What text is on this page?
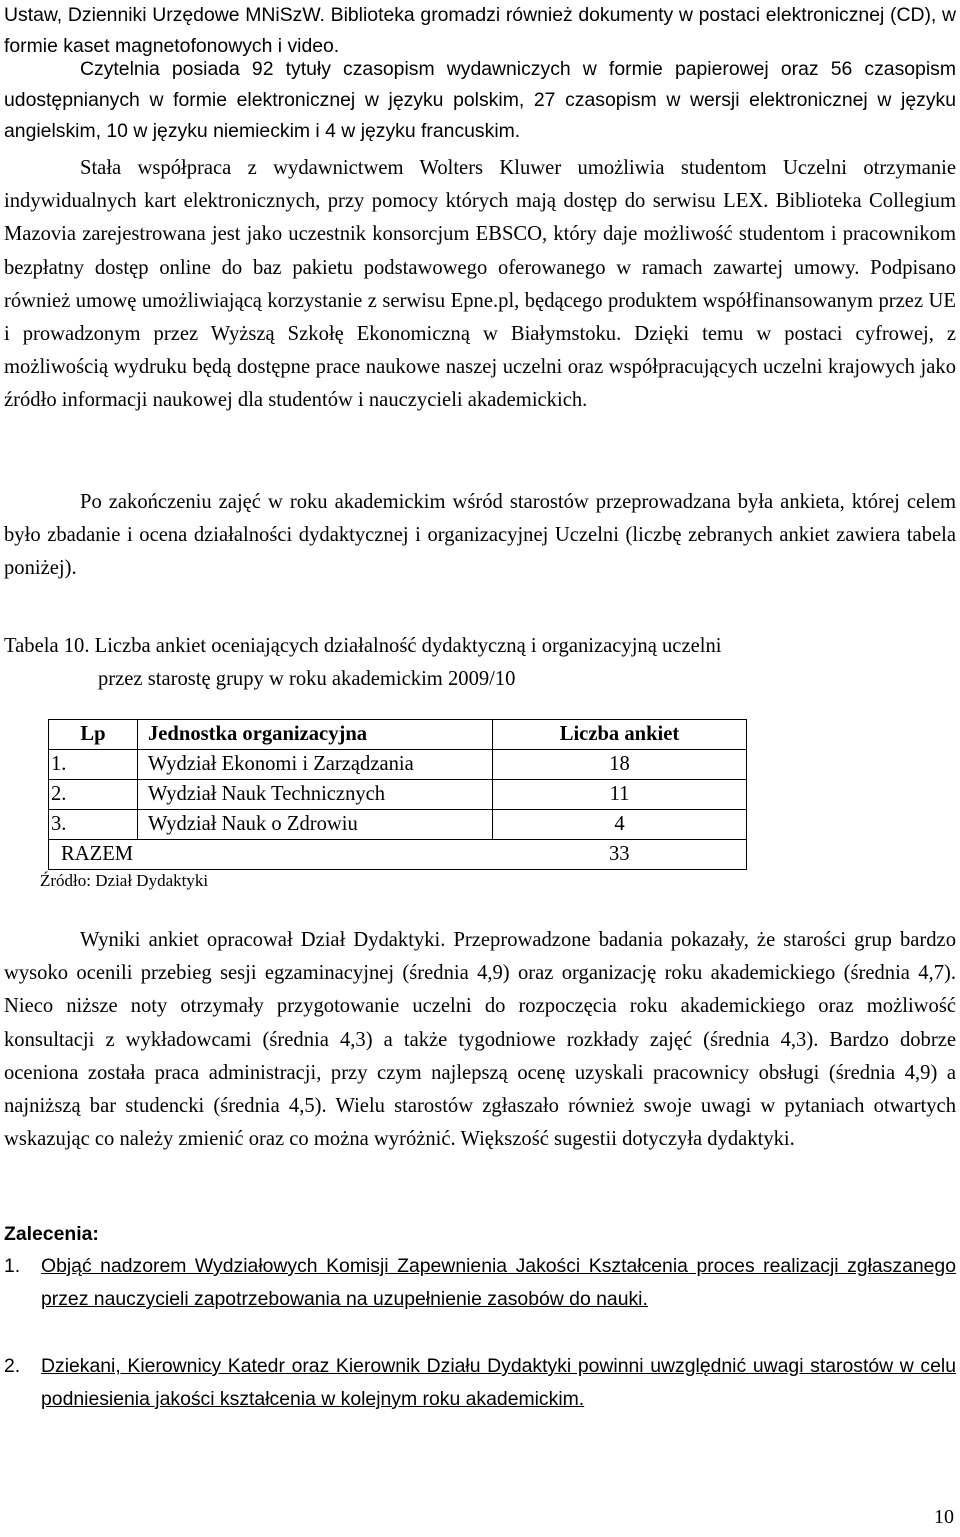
Ustaw, Dzienniki Urzędowe MNiSzW. Biblioteka gromadzi również dokumenty w postaci elektronicznej (CD), w formie kaset magnetofonowych i video.

Czytelnia posiada 92 tytuły czasopism wydawniczych w formie papierowej oraz 56 czasopism udostępnianych w formie elektronicznej w języku polskim, 27 czasopism w wersji elektronicznej w języku angielskim, 10 w języku niemieckim i 4 w języku francuskim.

Stała współpraca z wydawnictwem Wolters Kluwer umożliwia studentom Uczelni otrzymanie indywidualnych kart elektronicznych, przy pomocy których mają dostęp do serwisu LEX. Biblioteka Collegium Mazovia zarejestrowana jest jako uczestnik konsorcjum EBSCO, który daje możliwość studentom i pracownikom bezpłatny dostęp online do baz pakietu podstawowego oferowanego w ramach zawartej umowy. Podpisano również umowę umożliwiającą korzystanie z serwisu Epne.pl, będącego produktem współfinansowanym przez UE i prowadzonym przez Wyższą Szkołę Ekonomiczną w Białymstoku. Dzięki temu w postaci cyfrowej, z możliwością wydruku będą dostępne prace naukowe naszej uczelni oraz współpracujących uczelni krajowych jako źródło informacji naukowej dla studentów i nauczycieli akademickich.

Po zakończeniu zajęć w roku akademickim wśród starostów przeprowadzana była ankieta, której celem było zbadanie i ocena działalności dydaktycznej i organizacyjnej Uczelni (liczbę zebranych ankiet zawiera tabela poniżej).

Tabela 10. Liczba ankiet oceniających działalność dydaktyczną i organizacyjną uczelni
przez starostę grupy w roku akademickim 2009/10
Lp	Jednostka organizacyjna	Liczba ankiet
1.	Wydział Ekonomi i Zarządzania	18
2.	Wydział Nauk Technicznych	11
3.	Wydział Nauk o Zdrowiu	4
RAZEM		33
Źródło: Dział Dydaktyki

Wyniki ankiet opracował Dział Dydaktyki. Przeprowadzone badania pokazały, że starości grup bardzo wysoko ocenili przebieg sesji egzaminacyjnej (średnia 4,9) oraz organizację roku akademickiego (średnia 4,7). Nieco niższe noty otrzymały przygotowanie uczelni do rozpoczęcia roku akademickiego oraz możliwość konsultacji z wykładowcami (średnia 4,3) a także tygodniowe rozkłady zajęć (średnia 4,3). Bardzo dobrze oceniona została praca administracji, przy czym najlepszą ocenę uzyskali pracownicy obsługi (średnia 4,9) a najniższą bar studencki (średnia 4,5). Wielu starostów zgłaszało również swoje uwagi w pytaniach otwartych wskazując co należy zmienić oraz co można wyróżnić. Większość sugestii dotyczyła dydaktyki.

Zalecenia:
1. Objąć nadzorem Wydziałowych Komisji Zapewnienia Jakości Kształcenia proces realizacji zgłaszanego przez nauczycieli zapotrzebowania na uzupełnienie zasobów do nauki.
2. Dziekani, Kierownicy Katedr oraz Kierownik Działu Dydaktyki powinni uwzględnić uwagi starostów w celu podniesienia jakości kształcenia w kolejnym roku akademickim.
10
